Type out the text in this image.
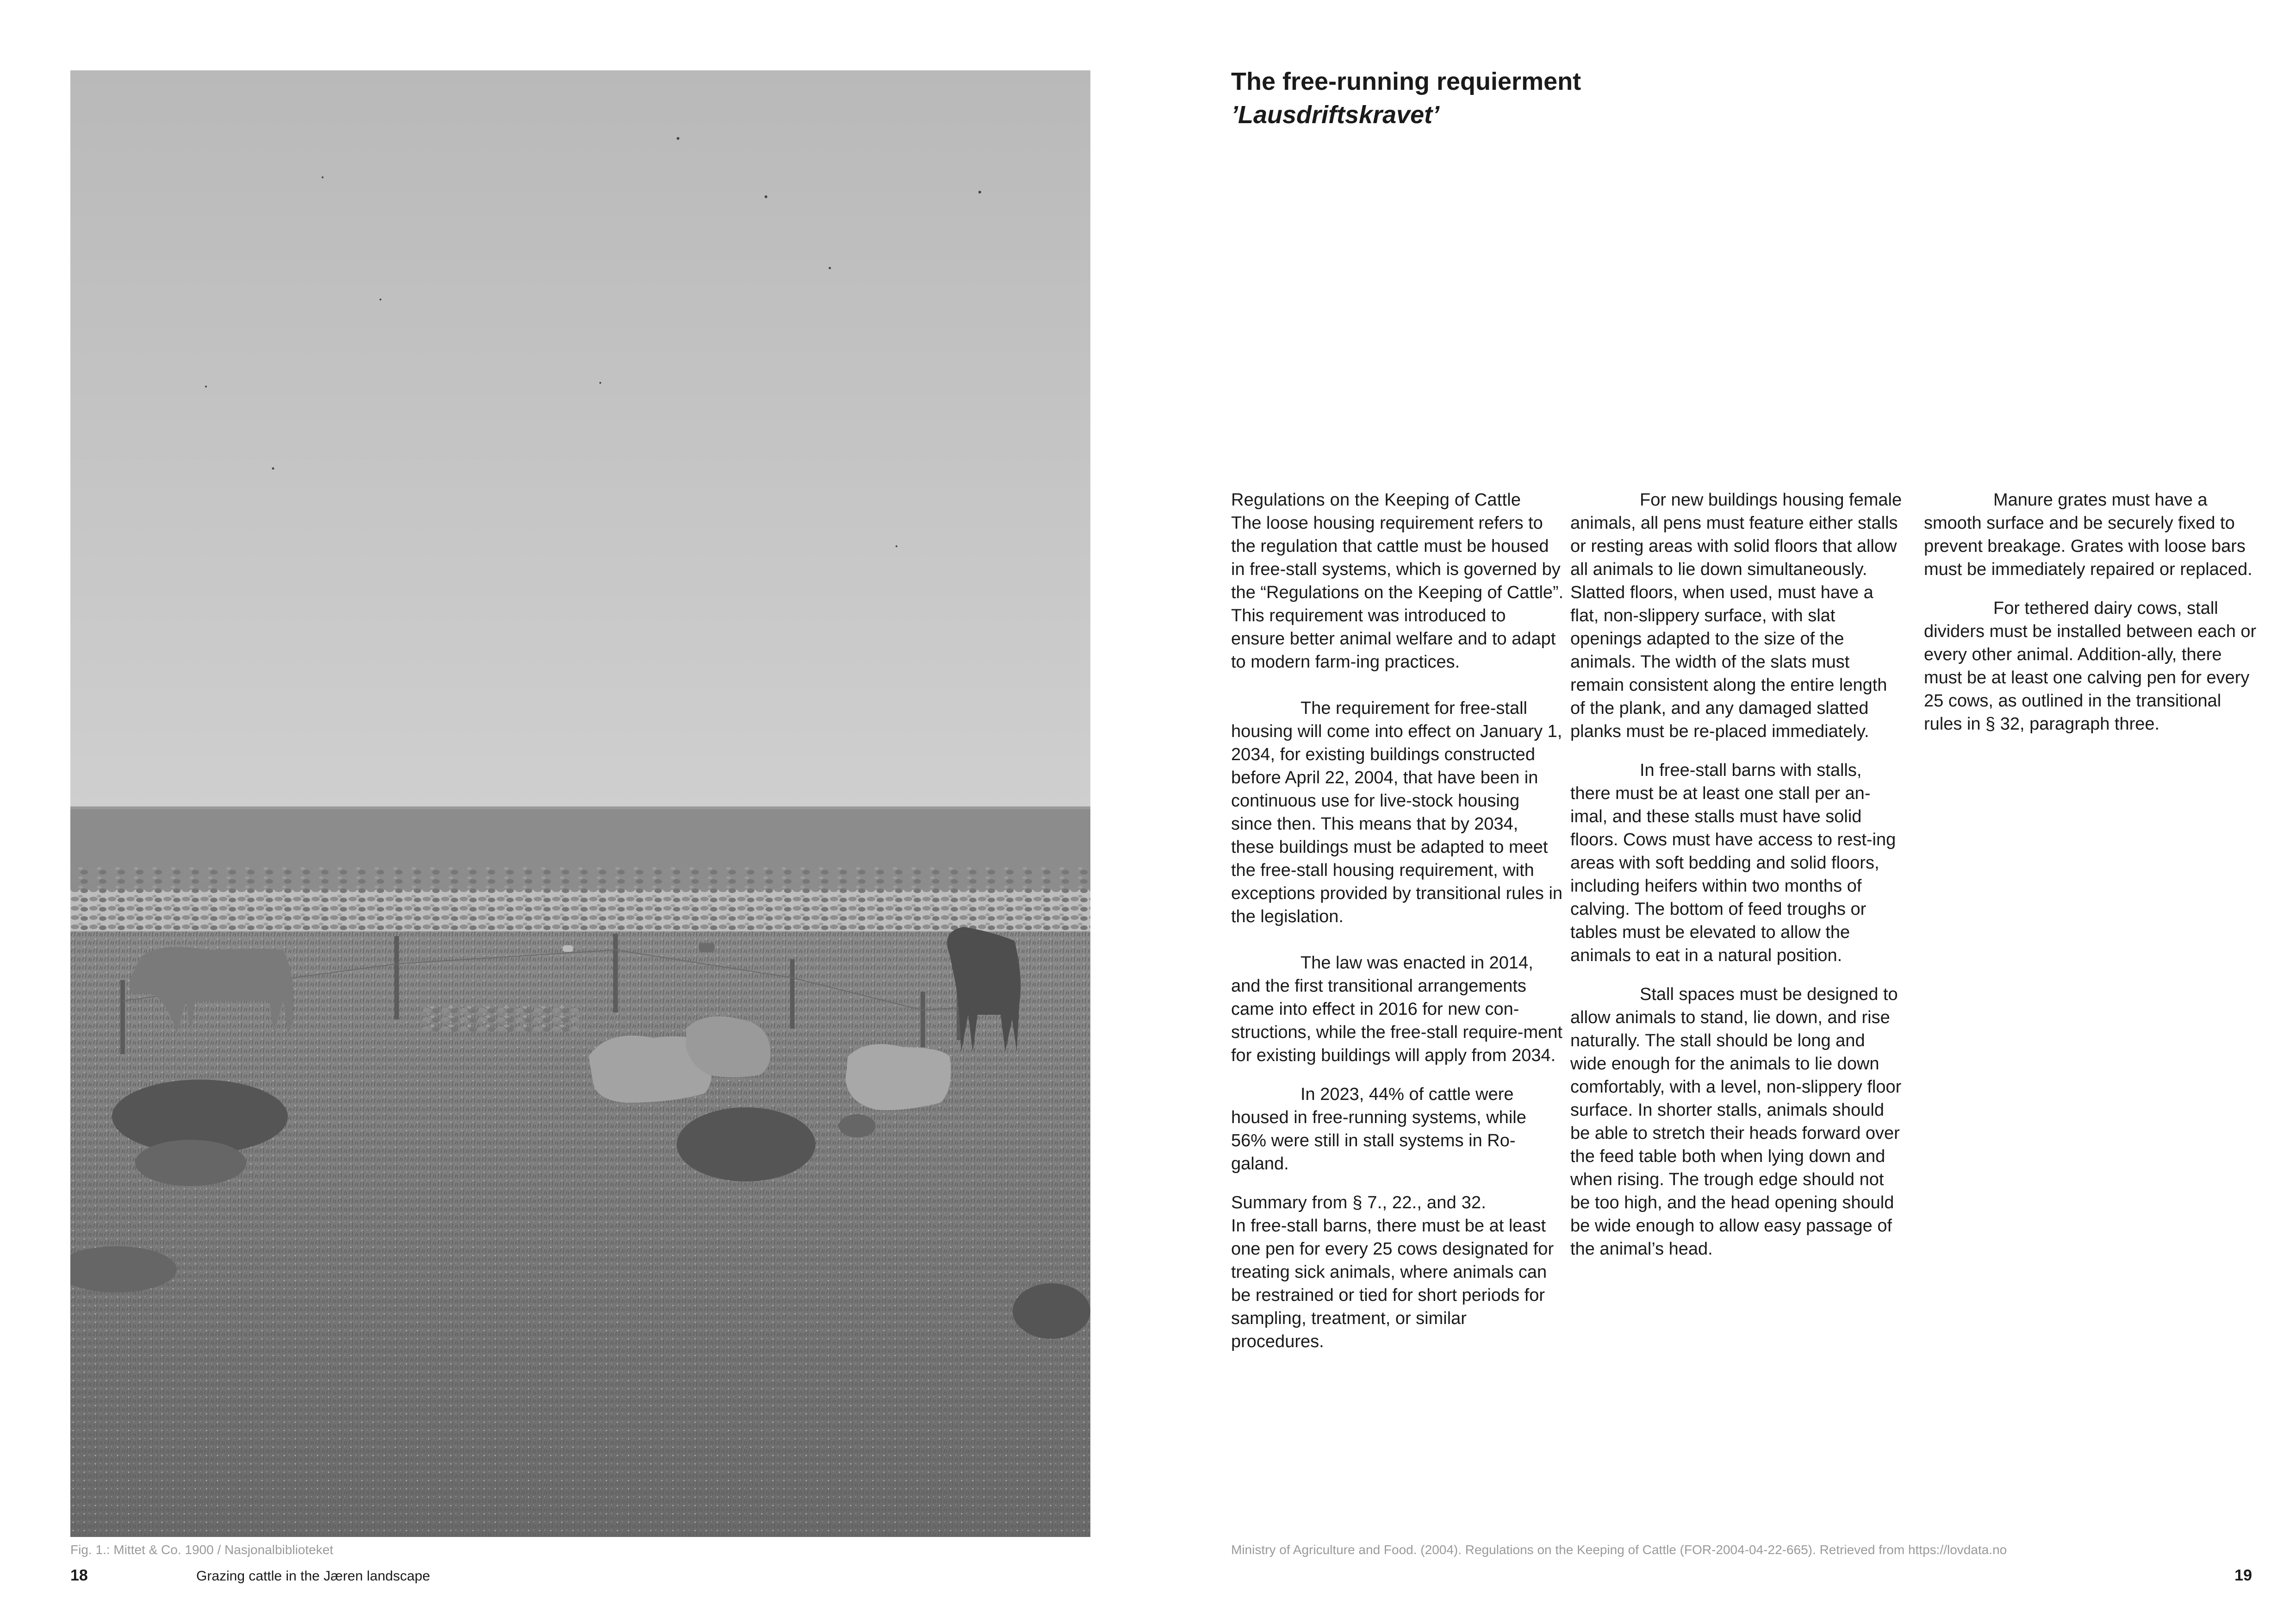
Fig. 1.: Mittet & Co. 1900 / Nasjonalbiblioteket
18	Grazing cattle in the Jæren landscape

The free-running requierment

’Lausdriftskravet’

Regulations on the Keeping of Cattle

The loose housing requirement refers to the regulation that cattle must be housed in free-stall systems, which is governed by the “Regulations on the Keeping of Cattle”. This requirement was introduced to ensure better animal welfare and to adapt to modern farm-ing practices.

The requirement for free-stall housing will come into effect on January 1, 2034, for existing buildings constructed before April 22, 2004, that have been in continuous use for live-stock housing since then. This means that by 2034, these buildings must be adapted to meet the free-stall housing requirement, with exceptions provided by transitional rules in the legislation.

The law was enacted in 2014, and the first transitional arrangements came into effect in 2016 for new con-structions, while the free-stall require-ment for existing buildings will apply from 2034.

In 2023, 44% of cattle were housed in free-running systems, while 56% were still in stall systems in Ro-galand.

Summary from § 7., 22., and 32.

In free-stall barns, there must be at least one pen for every 25 cows designated for treating sick animals, where animals can be restrained or tied for short periods for sampling, treatment, or similar procedures.

For new buildings housing female animals, all pens must feature either stalls or resting areas with solid floors that allow all animals to lie down simultaneously. Slatted floors, when used, must have a flat, non-slippery surface, with slat openings adapted to the size of the animals. The width of the slats must remain consistent along the entire length of the plank, and any damaged slatted planks must be re-placed immediately.

In free-stall barns with stalls, there must be at least one stall per an-imal, and these stalls must have solid floors. Cows must have access to rest-ing areas with soft bedding and solid floors, including heifers within two months of calving. The bottom of feed troughs or tables must be elevated to allow the animals to eat in a natural position.

Stall spaces must be designed to allow animals to stand, lie down, and rise naturally. The stall should be long and wide enough for the animals to lie down comfortably, with a level, non-slippery floor surface. In shorter stalls, animals should be able to stretch their heads forward over the feed table both when lying down and when rising. The trough edge should not be too high, and the head opening should be wide enough to allow easy passage of the animal’s head.

Manure grates must have a smooth surface and be securely fixed to prevent breakage. Grates with loose bars must be immediately repaired or replaced.

For tethered dairy cows, stall dividers must be installed between each or every other animal. Addition-ally, there must be at least one calving pen for every 25 cows, as outlined in the transitional rules in § 32, paragraph three.

Ministry of Agriculture and Food. (2004). Regulations on the Keeping of Cattle (FOR-2004-04-22-665). Retrieved from https://lovdata.no
19
